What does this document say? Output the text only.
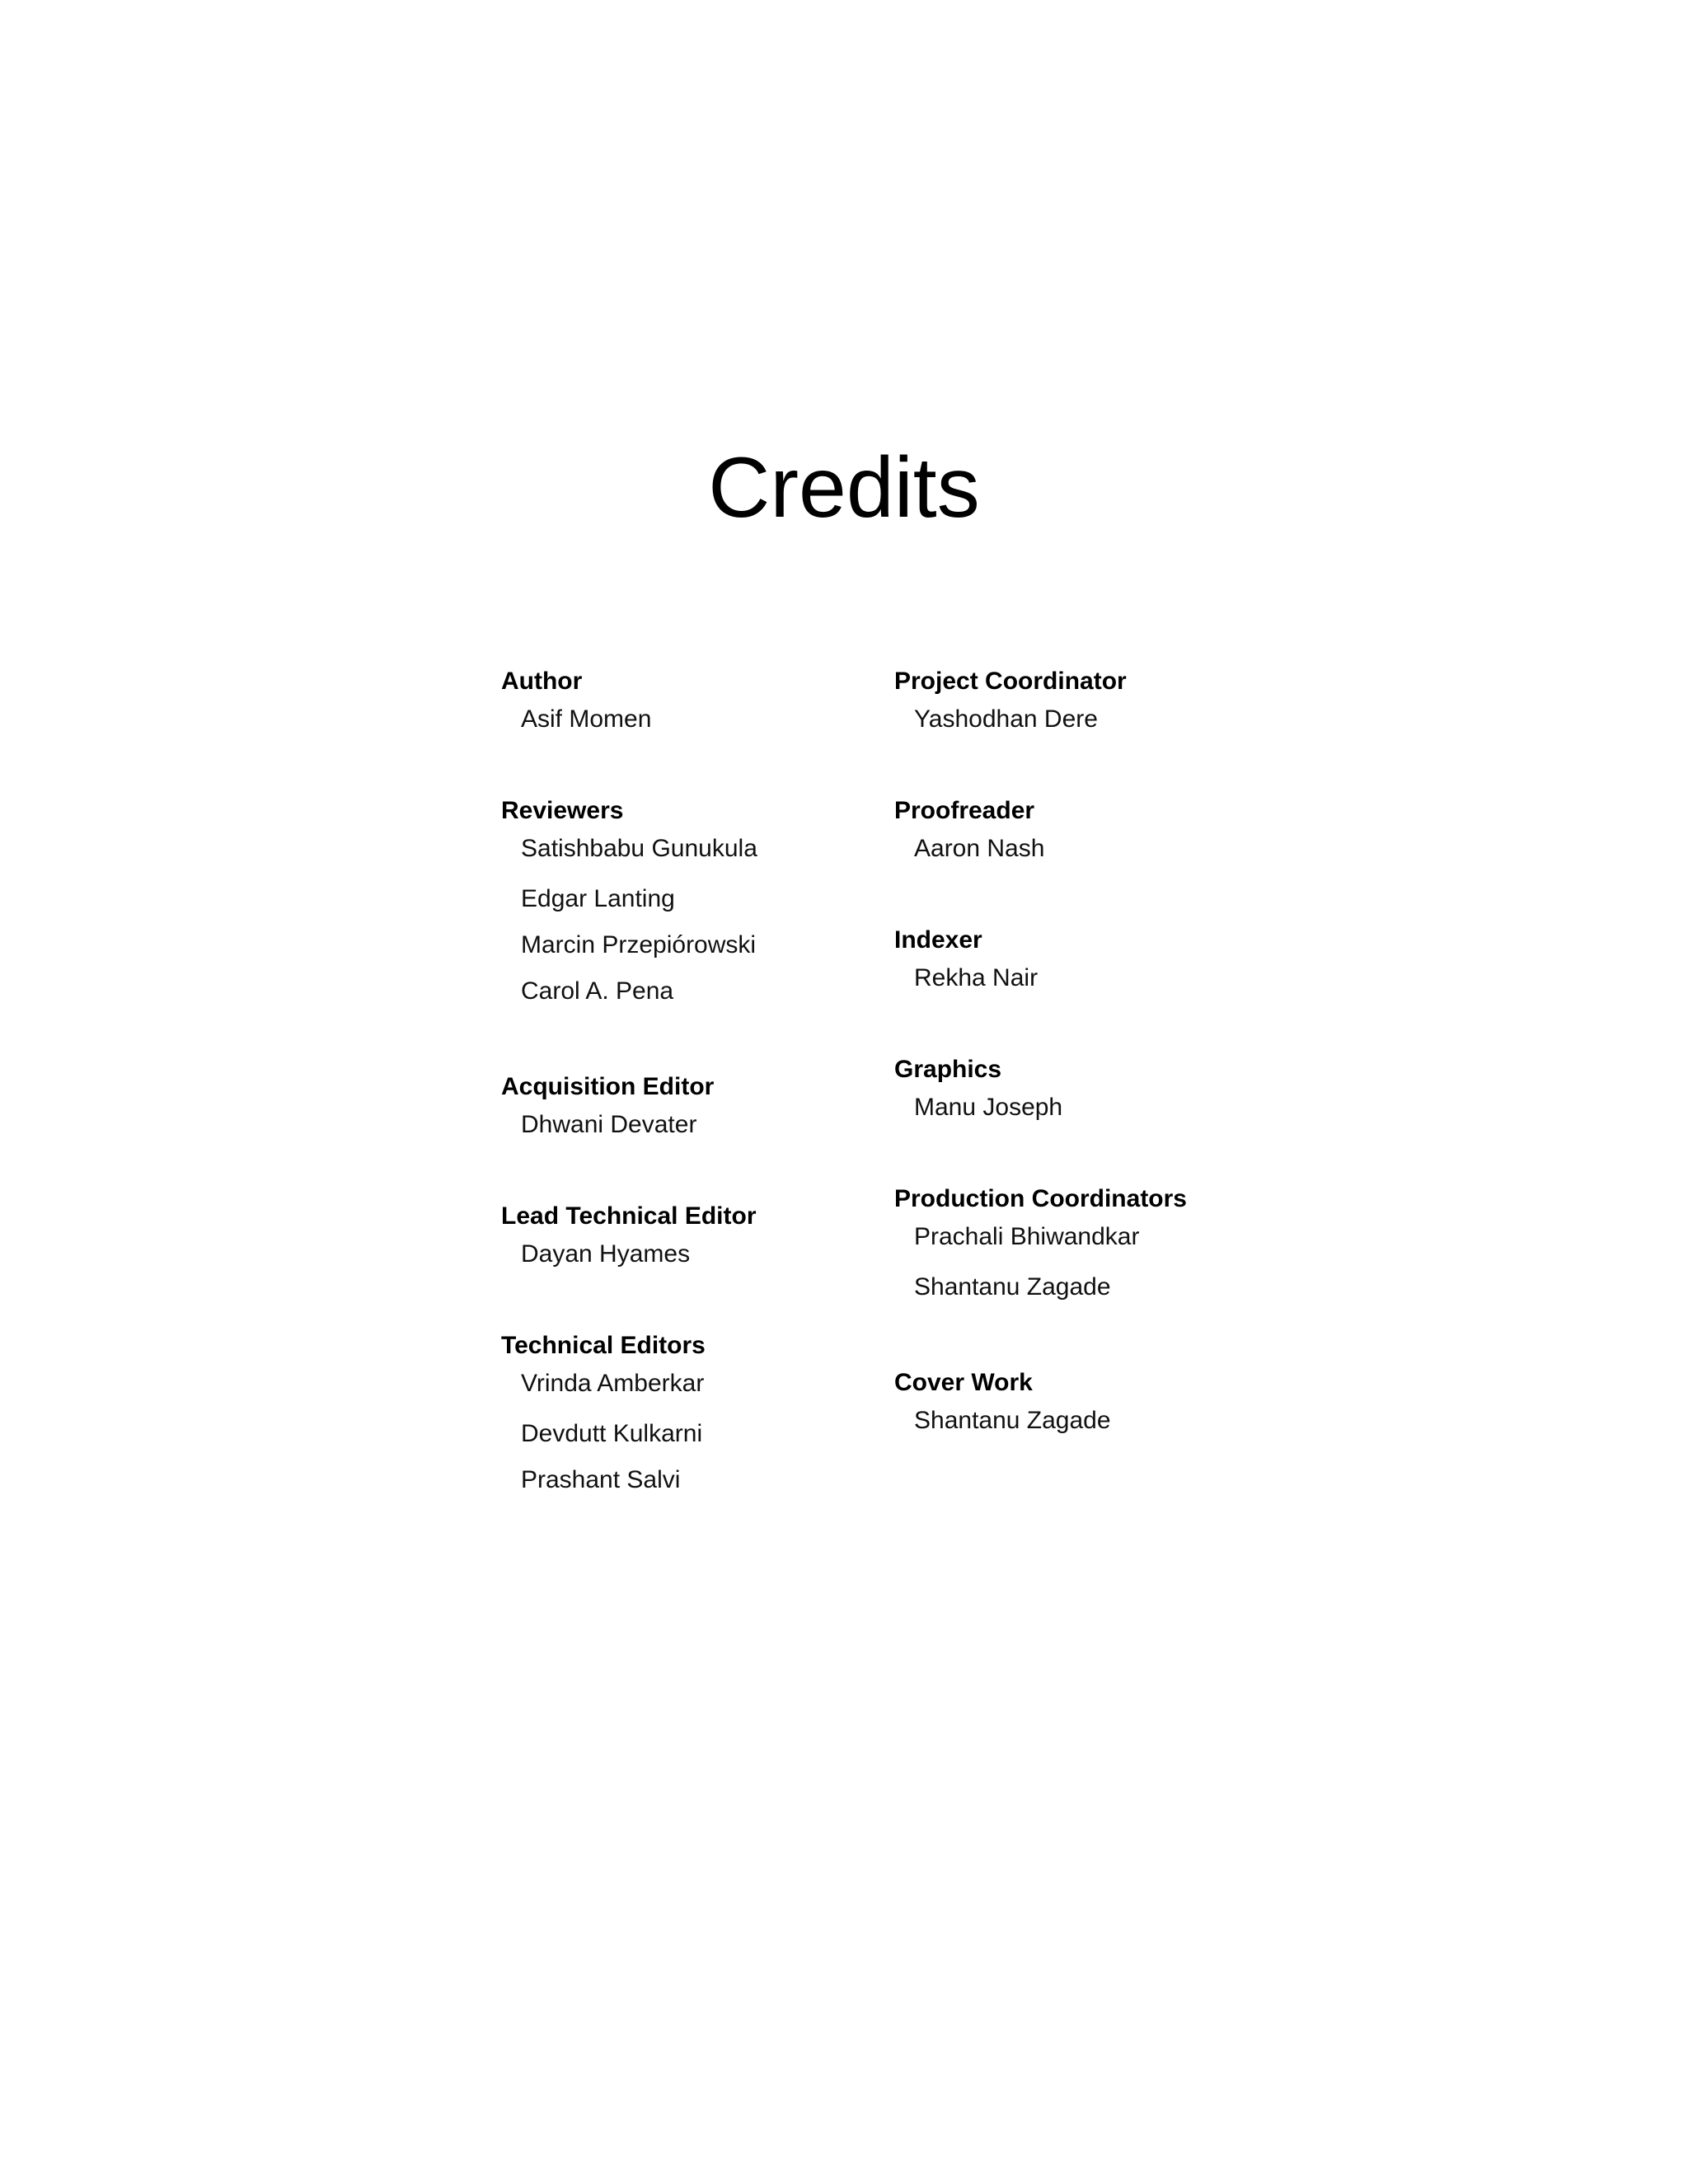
Credits
Author
Asif Momen
Reviewers
Satishbabu Gunukula
Edgar Lanting
Marcin Przepiórowski
Carol A. Pena
Acquisition Editor
Dhwani Devater
Lead Technical Editor
Dayan Hyames
Technical Editors
Vrinda Amberkar
Devdutt Kulkarni
Prashant Salvi
Project Coordinator
Yashodhan Dere
Proofreader
Aaron Nash
Indexer
Rekha Nair
Graphics
Manu Joseph
Production Coordinators
Prachali Bhiwandkar
Shantanu Zagade
Cover Work
Shantanu Zagade
